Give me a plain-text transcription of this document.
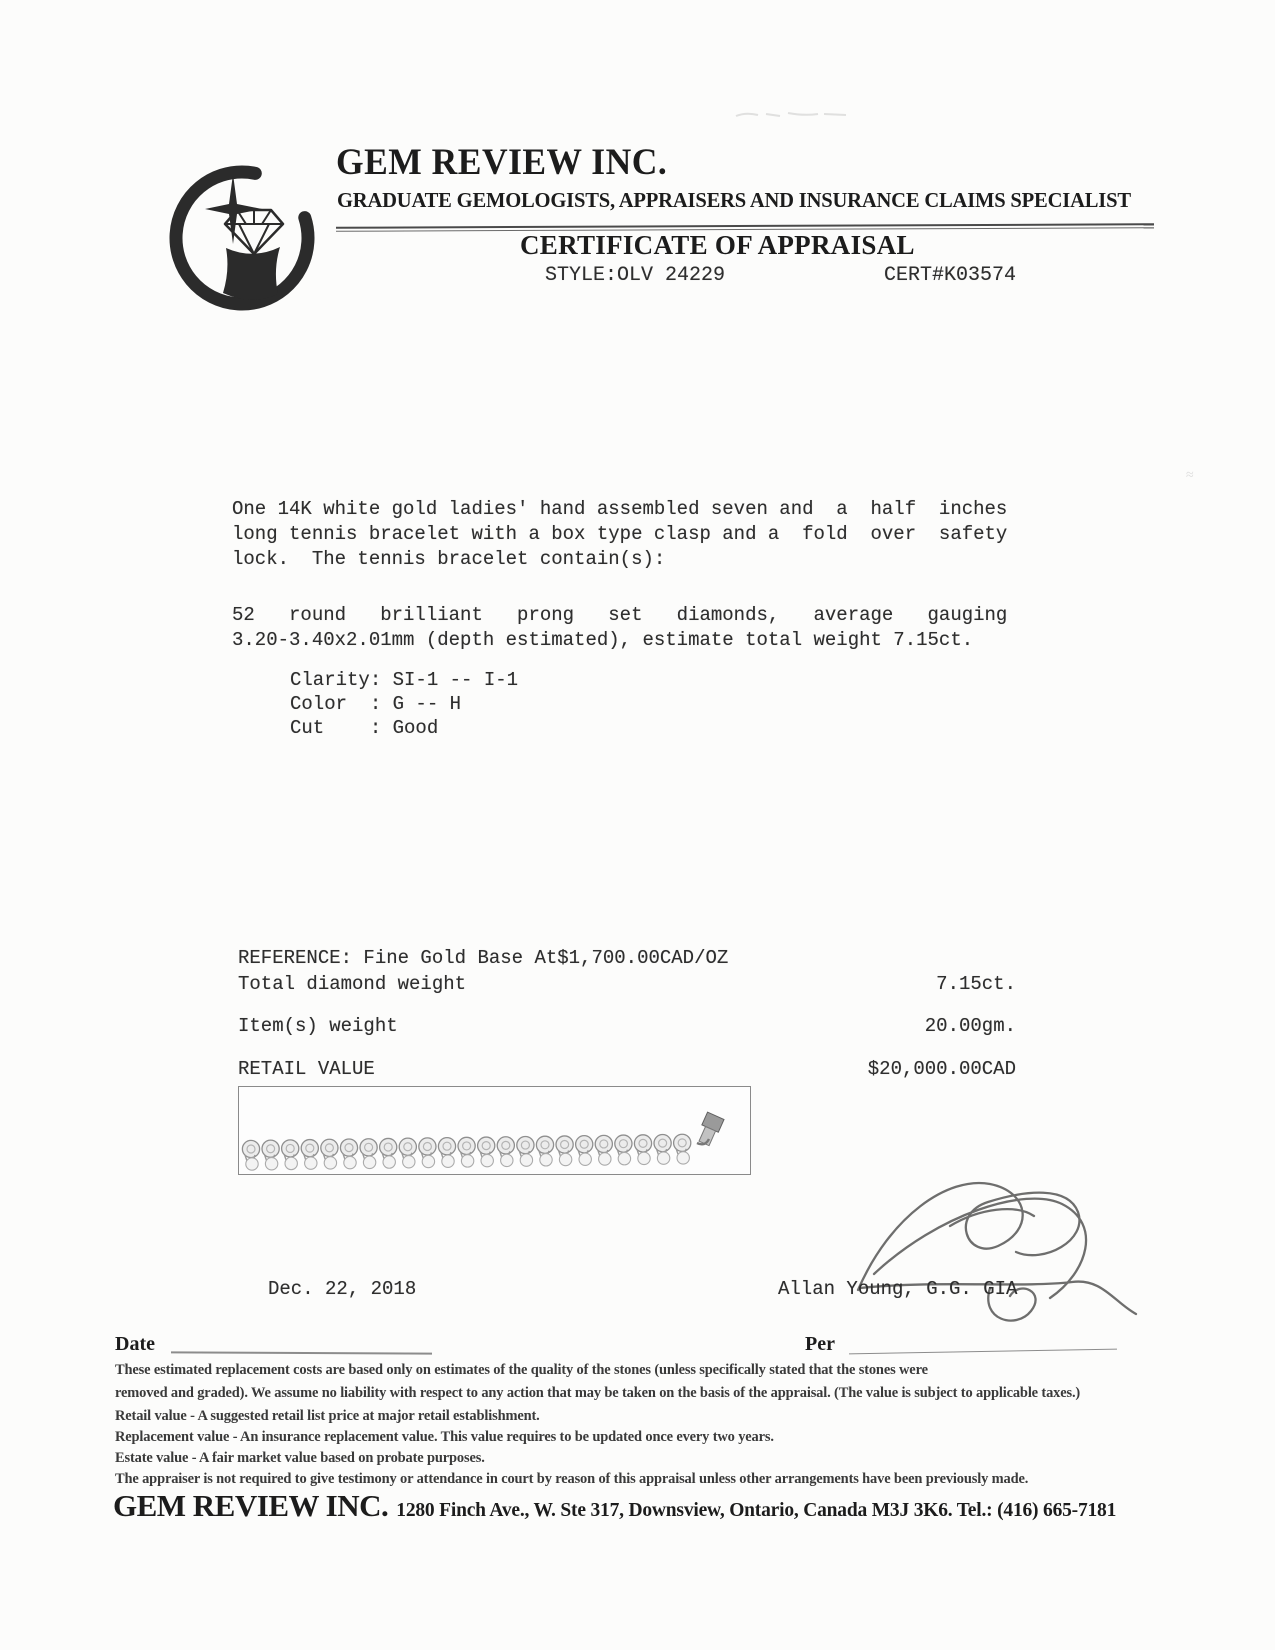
≈
GEM REVIEW INC.
GRADUATE GEMOLOGISTS, APPRAISERS AND INSURANCE CLAIMS SPECIALIST
CERTIFICATE OF APPRAISAL
STYLE:OLV 24229	CERT#K03574
One 14K white gold ladies' hand assembled seven and  a  half  inches
long tennis bracelet with a box type clasp and a  fold  over  safety
lock.  The tennis bracelet contain(s):
52   round   brilliant   prong   set   diamonds,   average   gauging
3.20-3.40x2.01mm (depth estimated), estimate total weight 7.15ct.
Clarity: SI-1 -- I-1
Color  : G -- H
Cut    : Good
REFERENCE: Fine Gold Base At$1,700.00CAD/OZ
Total diamond weight	7.15ct.
Item(s) weight	20.00gm.
RETAIL VALUE	$20,000.00CAD
Dec. 22, 2018	Allan Young, G.G. GIA
Date	Per
These estimated replacement costs are based only on estimates of the quality of the stones (unless specifically stated that the stones were
removed and graded). We assume no liability with respect to any action that may be taken on the basis of the appraisal. (The value is subject to applicable taxes.)
Retail value - A suggested retail list price at major retail establishment.
Replacement value - An insurance replacement value. This value requires to be updated once every two years.
Estate value - A fair market value based on probate purposes.
The appraiser is not required to give testimony or attendance in court by reason of this appraisal unless other arrangements have been previously made.
GEM REVIEW INC. 1280 Finch Ave., W. Ste 317, Downsview, Ontario, Canada M3J 3K6. Tel.: (416) 665-7181
